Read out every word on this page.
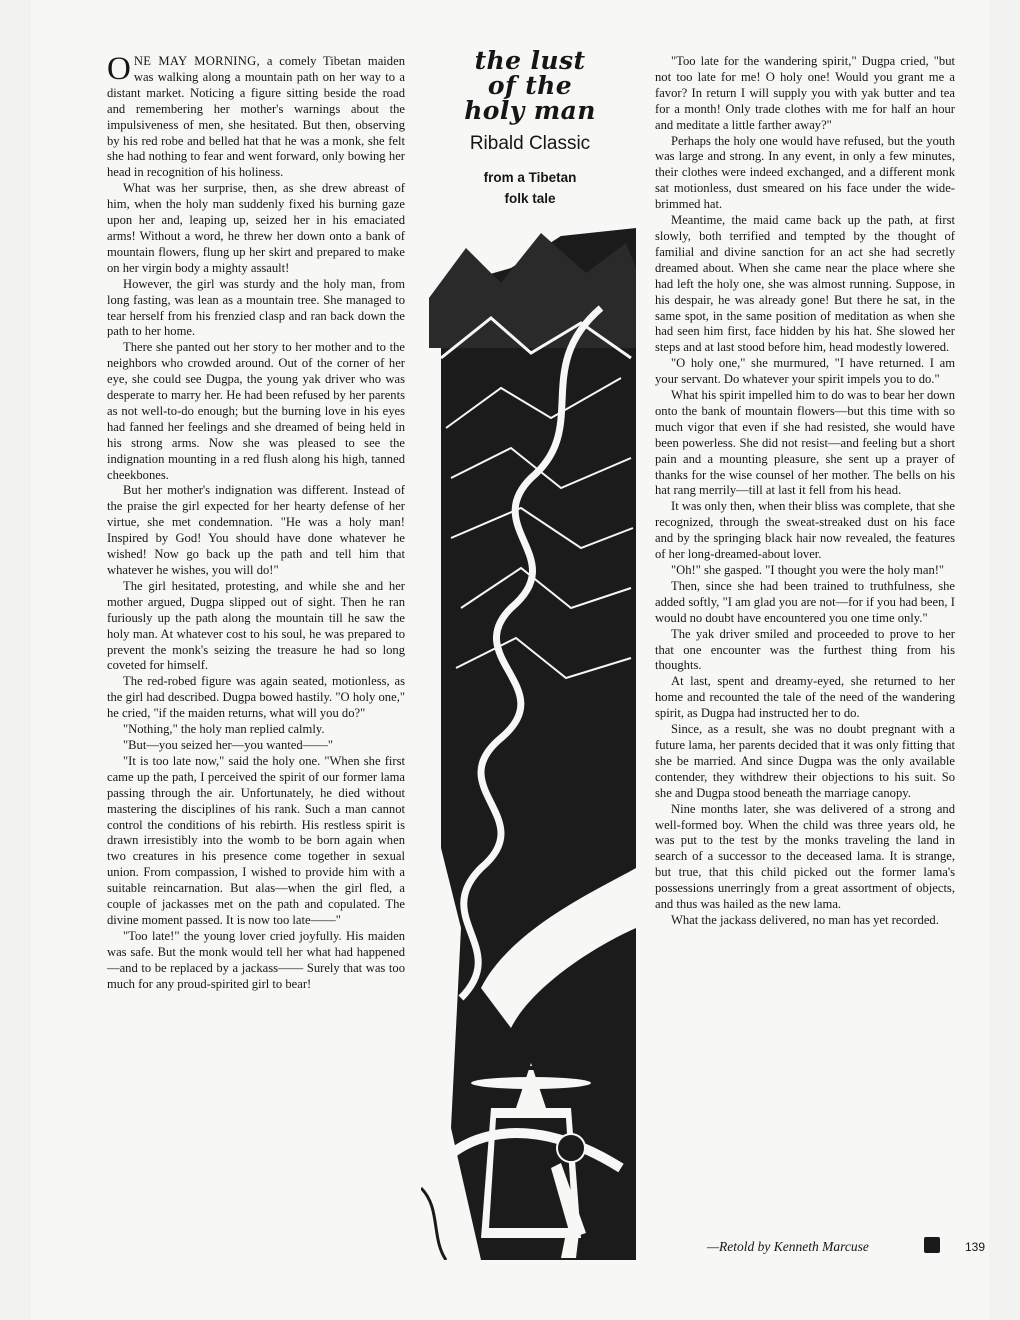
ONE MAY MORNING, a comely Tibetan maiden was walking along a mountain path on her way to a distant market. Noticing a figure sitting beside the road and remembering her mother's warnings about the impulsiveness of men, she hesitated. But then, observing by his red robe and belled hat that he was a monk, she felt she had nothing to fear and went forward, only bowing her head in recognition of his holiness.

What was her surprise, then, as she drew abreast of him, when the holy man suddenly fixed his burning gaze upon her and, leaping up, seized her in his emaciated arms! Without a word, he threw her down onto a bank of mountain flowers, flung up her skirt and prepared to make on her virgin body a mighty assault!

However, the girl was sturdy and the holy man, from long fasting, was lean as a mountain tree. She managed to tear herself from his frenzied clasp and ran back down the path to her home.

There she panted out her story to her mother and to the neighbors who crowded around. Out of the corner of her eye, she could see Dugpa, the young yak driver who was desperate to marry her. He had been refused by her parents as not well-to-do enough; but the burning love in his eyes had fanned her feelings and she dreamed of being held in his strong arms. Now she was pleased to see the indignation mounting in a red flush along his high, tanned cheekbones.

But her mother's indignation was different. Instead of the praise the girl expected for her hearty defense of her virtue, she met condemnation. "He was a holy man! Inspired by God! You should have done whatever he wished! Now go back up the path and tell him that whatever he wishes, you will do!"

The girl hesitated, protesting, and while she and her mother argued, Dugpa slipped out of sight. Then he ran furiously up the path along the mountain till he saw the holy man. At whatever cost to his soul, he was prepared to prevent the monk's seizing the treasure he had so long coveted for himself.

The red-robed figure was again seated, motionless, as the girl had described. Dugpa bowed hastily. "O holy one," he cried, "if the maiden returns, what will you do?"

"Nothing," the holy man replied calmly.

"But—you seized her—you wanted——"

"It is too late now," said the holy one. "When she first came up the path, I perceived the spirit of our former lama passing through the air. Unfortunately, he died without mastering the disciplines of his rank. Such a man cannot control the conditions of his rebirth. His restless spirit is drawn irresistibly into the womb to be born again when two creatures in his presence come together in sexual union. From compassion, I wished to provide him with a suitable reincarnation. But alas—when the girl fled, a couple of jackasses met on the path and copulated. The divine moment passed. It is now too late——"

"Too late!" the young lover cried joyfully. His maiden was safe. But the monk would tell her what had happened—and to be replaced by a jackass—— Surely that was too much for any proud-spirited girl to bear!

the lust
of the
holy man
Ribald Classic
from a Tibetan
folk tale

"Too late for the wandering spirit," Dugpa cried, "but not too late for me! O holy one! Would you grant me a favor? In return I will supply you with yak butter and tea for a month! Only trade clothes with me for half an hour and meditate a little farther away?"

Perhaps the holy one would have refused, but the youth was large and strong. In any event, in only a few minutes, their clothes were indeed exchanged, and a different monk sat motionless, dust smeared on his face under the wide-brimmed hat.

Meantime, the maid came back up the path, at first slowly, both terrified and tempted by the thought of familial and divine sanction for an act she had secretly dreamed about. When she came near the place where she had left the holy one, she was almost running. Suppose, in his despair, he was already gone! But there he sat, in the same spot, in the same position of meditation as when she had seen him first, face hidden by his hat. She slowed her steps and at last stood before him, head modestly lowered.

"O holy one," she murmured, "I have returned. I am your servant. Do whatever your spirit impels you to do."

What his spirit impelled him to do was to bear her down onto the bank of mountain flowers—but this time with so much vigor that even if she had resisted, she would have been powerless. She did not resist—and feeling but a short pain and a mounting pleasure, she sent up a prayer of thanks for the wise counsel of her mother. The bells on his hat rang merrily—till at last it fell from his head.

It was only then, when their bliss was complete, that she recognized, through the sweat-streaked dust on his face and by the springing black hair now revealed, the features of her long-dreamed-about lover.

"Oh!" she gasped. "I thought you were the holy man!"

Then, since she had been trained to truthfulness, she added softly, "I am glad you are not—for if you had been, I would no doubt have encountered you one time only."

The yak driver smiled and proceeded to prove to her that one encounter was the furthest thing from his thoughts.

At last, spent and dreamy-eyed, she returned to her home and recounted the tale of the need of the wandering spirit, as Dugpa had instructed her to do.

Since, as a result, she was no doubt pregnant with a future lama, her parents decided that it was only fitting that she be married. And since Dugpa was the only available contender, they withdrew their objections to his suit. So she and Dugpa stood beneath the marriage canopy.

Nine months later, she was delivered of a strong and well-formed boy. When the child was three years old, he was put to the test by the monks traveling the land in search of a successor to the deceased lama. It is strange, but true, that this child picked out the former lama's possessions unerringly from a great assortment of objects, and thus was hailed as the new lama.

What the jackass delivered, no man has yet recorded.

—Retold by Kenneth Marcuse	139
